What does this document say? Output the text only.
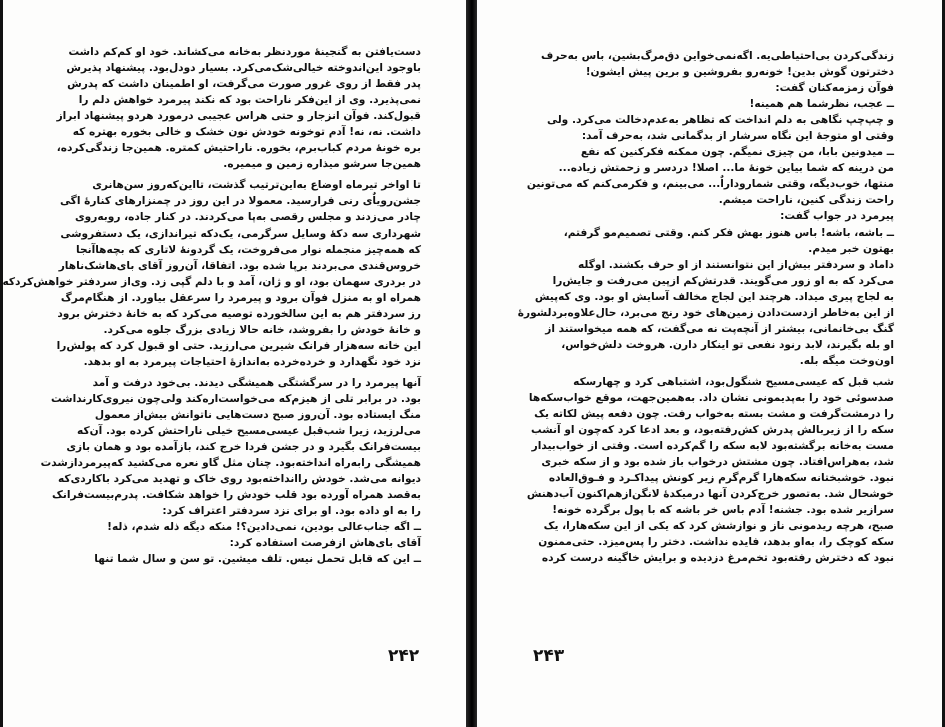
دست‌یافتن به گنجینهٔ موردنظر به‌خانه می‌کشاند. خود او کم‌کم داشت
باوجود این‌اندوخته خیالی‌شک‌می‌کرد. بسیار دودل‌بود. پیشنهاد پذیرش
پدر فقط از روی غرور صورت می‌گرفت، او اطمینان داشت که پدرش
نمی‌پذیرد. وی از این‌فکر ناراحت بود که نکند پیرمرد خواهش دلم را
قبول‌کند. فوآن انزجار و حتی هراس عجیبی درمورد هردو پیشنهاد ابراز
داشت. نه، نه! آدم توخونه خودش نون خشک و خالی بخوره بهتره که
بره خونهٔ مردم کباب‌برم، بخوره. ناراحتیش کمتره. همین‌جا زندگی‌کرده،
همین‌جا سرشو میذاره زمین و میمیره.
تا اواخر تیرماه اوضاع به‌این‌ترتیب گذشت، تااین‌که‌روز سن‌هانری
جشن‌رویاٌی رنی فرارسید. معمولا در این روز در چمنزارهای کنارهٔ اگی
چادر می‌زدند و مجلس رقصی به‌پا می‌کردند. در کنار جاده، روبه‌روی
شهرداری سه دکهٔ وسایل سرگرمی، یک‌دکه تیراندازی، یک دستفروشی
که همه‌چیز منجمله نوار می‌فروخت، یک گردونهٔ لاتاری که بچه‌هاآنجا
خروس‌قندی می‌بردند برپا شده بود. اتفاقا، آن‌روز آقای بای‌هاشک‌ناهار
در بردری سهمان بود، او و ژان، آمد و با دلم گپی زد. وی‌از سردفتر خواهش‌کرد‌که
همراه او به منزل فوآن برود و پیرمرد را سرعقل بیاورد. از هنگام‌مرگ
رز سردفتر هم به این سالخورده توصیه می‌کرد که به خانهٔ دخترش برود
و خانهٔ خودش را بفروشد، خانه حالا زیادی بزرگ جلوه می‌کرد.
این خانه سه‌هزار فرانک شیرین می‌ارزید. حتی او قبول کرد که پولش‌را
نزد خود نگهدارد و خرده‌خرده به‌اندازهٔ احتیاجات پیرمرد به او بدهد.
آنها پیرمرد را در سرگشتگی همیشگی دیدند. بی‌خود درفت و آمد
بود. در برابر تلی از هیزم‌که می‌خواست‌اره‌کند ولی‌چون نیروی‌کارنداشت
منگ ایستاده بود. آن‌روز صبح دست‌هایی ناتوانش بیش‌از معمول
می‌لرزید، زیرا شب‌قبل عیسی‌مسیح خیلی ناراحتش کرده بود. آن‌که
بیست‌فرانک بگیرد و در جشن فردا خرج کند، بازآمده بود و همان بازی
همیشگی را‌به‌راه انداخته‌بود. چنان مثل گاو نعره می‌کشید که‌پیرمرد‌ازشدت
دیوانه می‌شد. خودش را‌انداخته‌بود روی خاک و تهدید می‌کرد باکاردی‌که
به‌قصد همراه آورده بود قلب خودش را خواهد شکافت. پدرم‌بیست‌فرانک
را به او داده بود. او برای نزد سردفتر اعتراف کرد:
ــ اگه جناب‌عالی بودین، نمی‌دادین؟! منکه دیگه ذله شدم، ذله!
آقای بای‌هاش از‌فرصت استفاده کرد:
ــ این که قابل تحمل نیس. تلف میشین. تو سن و سال شما تنها
۲۴۲
زندگی‌کردن بی‌احتیاطی‌یه. اگه‌نمی‌خواین دق‌مرگ‌بشین، باس به‌حرف
دخترتون گوش بدین! خونه‌رو بفروشین و برین پیش ایشون!
فوآن زمزمه‌کنان گفت:
ــ عجب، نظرشما هم همینه!
و چپ‌چپ نگاهی به دلم انداخت که تظاهر به‌عدم‌دخالت می‌کرد. ولی
وقتی او متوجهٔ این نگاه سرشار از بدگمانی شد، به‌حرف آمد:
ــ میدونین بابا، من چیزی نمیگم. چون ممکنه فکرکنین که نفع
من درینه که شما بیاین خونهٔ ما... اصلا! دردسر و زحمتش زیاده...
منتها، خوب‌دیگه، وقتی شماروداراٌ... می‌بینم، و فکرمی‌کنم که می‌تونین
راحت زندگی کنین، ناراحت میشم.
پیرمرد در جواب گفت:
ــ باشه، باشه! باس هنوز بهش فکر کنم. وقتی تصمیم‌مو گرفتم،
بهتون خبر میدم.
داماد و سردفتر بیش‌از این نتوانستند از او حرف بکشند. اوگله
می‌کرد که به او زور می‌گویند. قدرتش‌کم از‌پین می‌رفت و جایش‌را
به لجاج پیری میداد. هرچند این لجاج مخالف آسایش او بود. وی که‌پیش
از این به‌خاطر ازدست‌دادن زمین‌های خود رنج می‌برد، حال‌علاوه‌بر‌دلشورهٔ
گنگ بی‌خانمانی، بیشتر از آنچه‌پت نه می‌گفت، که همه میخواستند از
او بله بگیرند، لابد رنود نفعی تو اینکار دارن. هروخت دلش‌خواس،
اون‌وخت میگه بله.
شب قبل که عیسی‌مسیح شنگول‌بود، اشتباهی کرد و چهارسکه
صدسوئی خود را به‌پدیمونی نشان داد. به‌همین‌جهت، موقع خواب‌سکه‌ها
را درمشت‌گرفت و مشت بسته به‌خواب رفت. چون دفعه پیش لکاته یک
سکه را از زیربالش پدرش کش‌رفته‌بود، و بعد ادعا کرد که‌چون او آنشب
مست به‌خانه برگشته‌بود لابه سکه را گم‌کرده است. وقتی از خواب‌بیدار
شد، به‌هراس‌افتاد. چون مشتش درخواب باز شده بود و از سکه خبری
نبود. خوشبختانه سکه‌هارا گرم‌گرم زیر کونش پیداکـرد و فـوق‌العاده
خوشحال شد. به‌تصور خرج‌کردن آنها درمیکدهٔ لانگن‌ازهم‌اکنون آب‌دهنش
سرازیر شده بود. جشنه! آدم باس خر باشه که با پول برگرده خونه!
صبح، هرچه ریدمونی ناز و نوازشش کرد که یکی از این سکه‌هارا، یک
سکه کوچک را، به‌او بدهد، فایده نداشت. دختر را پس‌میزد. حتی‌ممنون
نبود که دخترش رفته‌بود تخم‌مرغ دزدیده و برایش خاگینه درست کرده
۲۴۳
